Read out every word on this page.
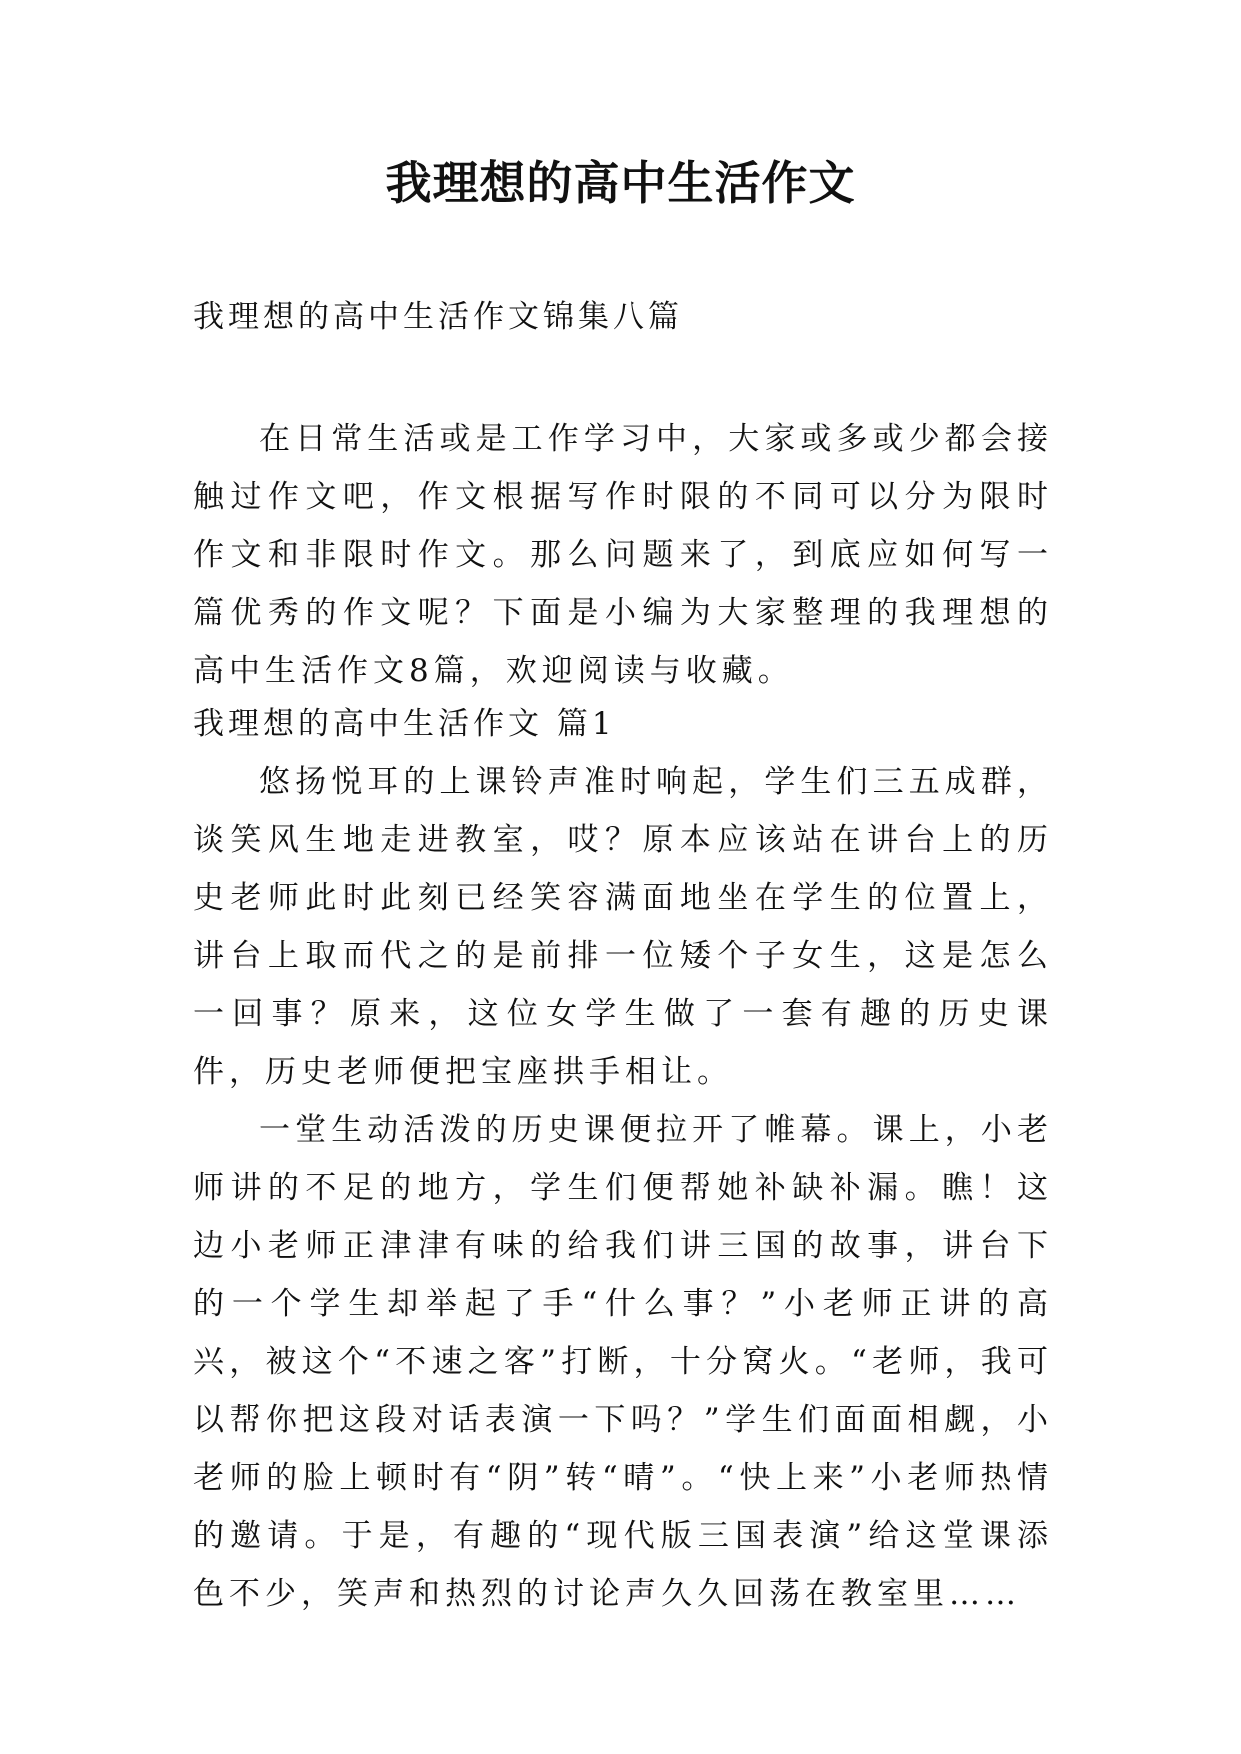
我理想的高中生活作文

我理想的高中生活作文锦集八篇

在日常生活或是工作学习中，大家或多或少都会接触过作文吧，作文根据写作时限的不同可以分为限时作文和非限时作文。那么问题来了，到底应如何写一篇优秀的作文呢？下面是小编为大家整理的我理想的高中生活作文8篇，欢迎阅读与收藏。

我理想的高中生活作文 篇1

悠扬悦耳的上课铃声准时响起，学生们三五成群，谈笑风生地走进教室，哎？原本应该站在讲台上的历史老师此时此刻已经笑容满面地坐在学生的位置上，讲台上取而代之的是前排一位矮个子女生，这是怎么一回事？原来，这位女学生做了一套有趣的历史课件，历史老师便把宝座拱手相让。

一堂生动活泼的历史课便拉开了帷幕。课上，小老师讲的不足的地方，学生们便帮她补缺补漏。瞧！这边小老师正津津有味的给我们讲三国的故事，讲台下的一个学生却举起了手“什么事？”小老师正讲的高兴，被这个“不速之客”打断，十分窝火。“老师，我可以帮你把这段对话表演一下吗？”学生们面面相觑，小老师的脸上顿时有“阴”转“晴”。“快上来”小老师热情的邀请。于是，有趣的“现代版三国表演”给这堂课添色不少，笑声和热烈的讨论声久久回荡在教室里……
